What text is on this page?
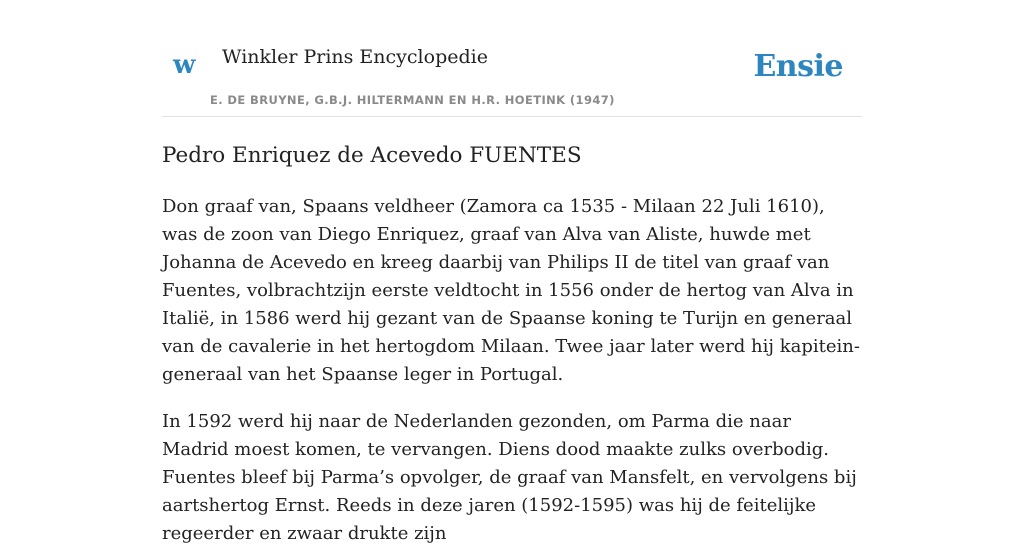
w Winkler Prins Encyclopedie
E. DE BRUYNE, G.B.J. HILTERMANN EN H.R. HOETINK (1947)
Ensie
Pedro Enriquez de Acevedo FUENTES

Don graaf van, Spaans veldheer (Zamora ca 1535 - Milaan 22 Juli 1610), was de zoon van Diego Enriquez, graaf van Alva van Aliste, huwde met Johanna de Acevedo en kreeg daarbij van Philips II de titel van graaf van Fuentes, volbrachtzijn eerste veldtocht in 1556 onder de hertog van Alva in Italië, in 1586 werd hij gezant van de Spaanse koning te Turijn en generaal van de cavalerie in het hertogdom Milaan. Twee jaar later werd hij kapitein-generaal van het Spaanse leger in Portugal.

In 1592 werd hij naar de Nederlanden gezonden, om Parma die naar Madrid moest komen, te vervangen. Diens dood maakte zulks overbodig. Fuentes bleef bij Parma’s opvolger, de graaf van Mansfelt, en vervolgens bij aartshertog Ernst. Reeds in deze jaren (1592-1595) was hij de feitelijke regeerder en zwaar drukte zijn
